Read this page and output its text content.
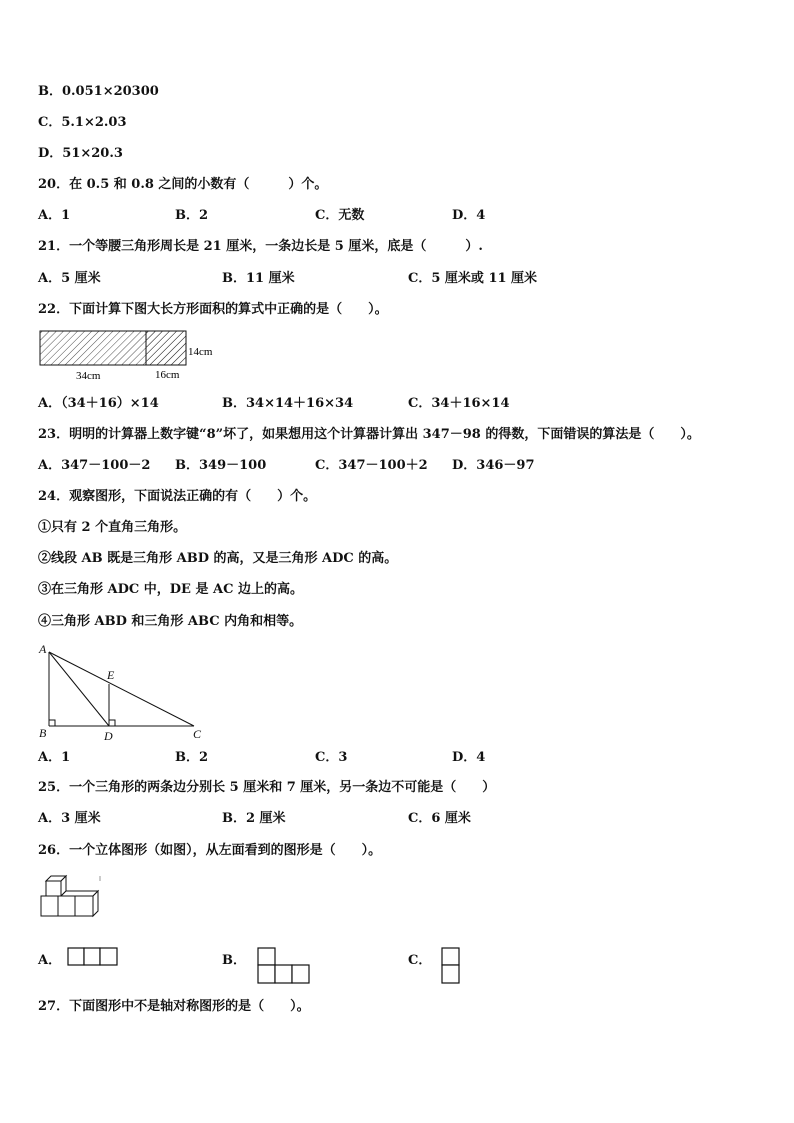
B．0.051×20300
C．5.1×2.03
D．51×20.3
20．在 0.5 和 0.8 之间的小数有（　　　）个。
A．1	B．2	C．无数	D．4
21．一个等腰三角形周长是 21 厘米，一条边长是 5 厘米，底是（　　　）.
A．5 厘米	B．11 厘米	C．5 厘米或 11 厘米
22．下面计算下图大长方形面积的算式中正确的是（　　）。
14cm
34cm	16cm
A．（34＋16）×14	B．34×14＋16×34	C．34＋16×14
23．明明的计算器上数字键“8”坏了，如果想用这个计算器计算出 347－98 的得数，下面错误的算法是（　　）。
A．347－100－2 B．349－100	C．347－100＋2 D．346－97
24．观察图形，下面说法正确的有（　　）个。
①只有 2 个直角三角形。
②线段 AB 既是三角形 ABD 的高，又是三角形 ADC 的高。
③在三角形 ADC 中，DE 是 AC 边上的高。
④三角形 ABD 和三角形 ABC 内角和相等。
A
B	C
D
E
A．1	B．2	C．3	D．4
25．一个三角形的两条边分别长 5 厘米和 7 厘米，另一条边不可能是（　　）
A．3 厘米	B．2 厘米	C．6 厘米
26．一个立体图形（如图），从左面看到的图形是（　　）。
A．	B．	C．
27．下面图形中不是轴对称图形的是（　　）。
